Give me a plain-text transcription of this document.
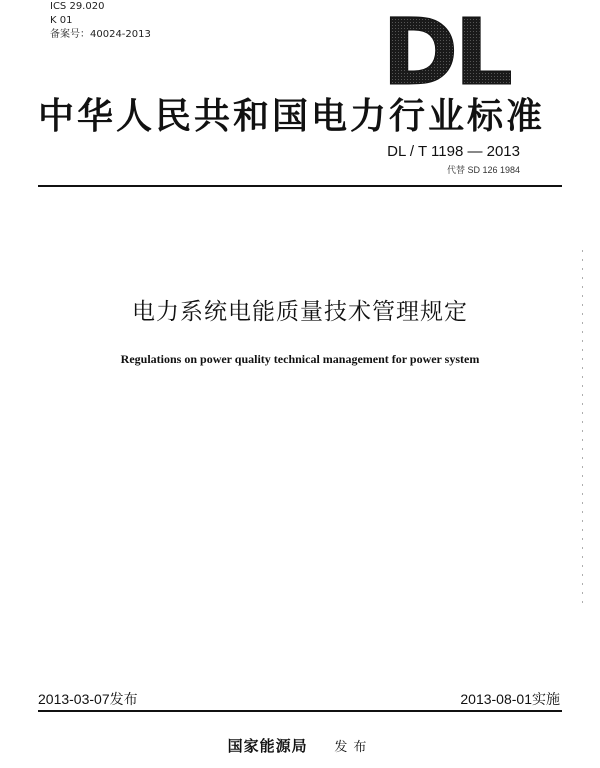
ICS 29.020
K 01
备案号：40024-2013	DL
中华人民共和国电力行业标准
DL / T 1198 — 2013
代替 SD 126 1984
电力系统电能质量技术管理规定
Regulations on power quality technical management for power system
2013-03-07发布	2013-08-01实施
国家能源局 发布
